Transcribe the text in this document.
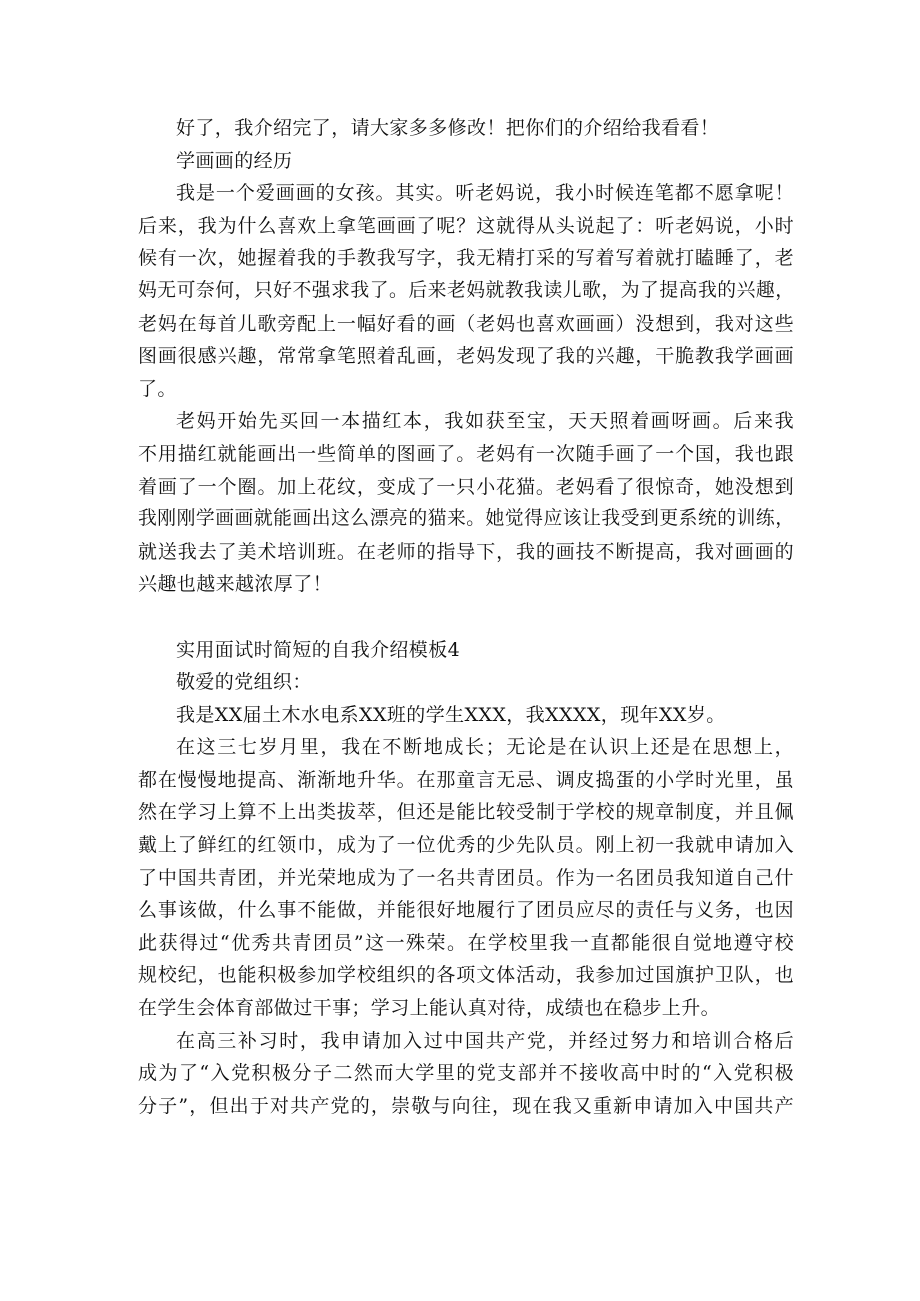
好了，我介绍完了，请大家多多修改！把你们的介绍给我看看！
学画画的经历
我是一个爱画画的女孩。其实。听老妈说，我小时候连笔都不愿拿呢！
后来，我为什么喜欢上拿笔画画了呢？这就得从头说起了：听老妈说，小时
候有一次，她握着我的手教我写字，我无精打采的写着写着就打瞌睡了，老
妈无可奈何，只好不强求我了。后来老妈就教我读儿歌，为了提高我的兴趣，
老妈在每首儿歌旁配上一幅好看的画（老妈也喜欢画画）没想到，我对这些
图画很感兴趣，常常拿笔照着乱画，老妈发现了我的兴趣，干脆教我学画画
了。
老妈开始先买回一本描红本，我如获至宝，天天照着画呀画。后来我
不用描红就能画出一些简单的图画了。老妈有一次随手画了一个国，我也跟
着画了一个圈。加上花纹，变成了一只小花猫。老妈看了很惊奇，她没想到
我刚刚学画画就能画出这么漂亮的猫来。她觉得应该让我受到更系统的训练，
就送我去了美术培训班。在老师的指导下，我的画技不断提高，我对画画的
兴趣也越来越浓厚了！
实用面试时简短的自我介绍模板4
敬爱的党组织：
我是XX届土木水电系XX班的学生XXX，我XXXX，现年XX岁。
在这三七岁月里，我在不断地成长；无论是在认识上还是在思想上，
都在慢慢地提高、渐渐地升华。在那童言无忌、调皮捣蛋的小学时光里，虽
然在学习上算不上出类拔萃，但还是能比较受制于学校的规章制度，并且佩
戴上了鲜红的红领巾，成为了一位优秀的少先队员。刚上初一我就申请加入
了中国共青团，并光荣地成为了一名共青团员。作为一名团员我知道自己什
么事该做，什么事不能做，并能很好地履行了团员应尽的责任与义务，也因
此获得过“优秀共青团员”这一殊荣。在学校里我一直都能很自觉地遵守校
规校纪，也能积极参加学校组织的各项文体活动，我参加过国旗护卫队，也
在学生会体育部做过干事；学习上能认真对待，成绩也在稳步上升。
在高三补习时，我申请加入过中国共产党，并经过努力和培训合格后
成为了“入党积极分子二然而大学里的党支部并不接收高中时的“入党积极
分子”，但出于对共产党的，崇敬与向往，现在我又重新申请加入中国共产
